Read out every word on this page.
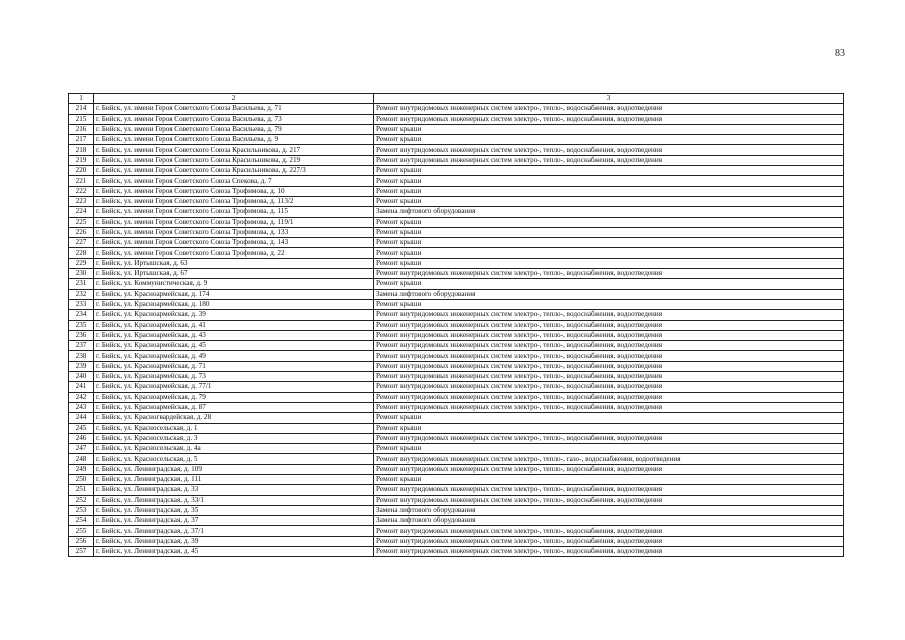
83
1	2	3
214	г. Бийск, ул. имени Героя Советского Союза Васильева, д. 71	Ремонт внутридомовых инженерных систем электро-, тепло-, водоснабжения, водоотведения
215	г. Бийск, ул. имени Героя Советского Союза Васильева, д. 73	Ремонт внутридомовых инженерных систем электро-, тепло-, водоснабжения, водоотведения
216	г. Бийск, ул. имени Героя Советского Союза Васильева, д. 79	Ремонт крыши
217	г. Бийск, ул. имени Героя Советского Союза Васильева, д. 9	Ремонт крыши
218	г. Бийск, ул. имени Героя Советского Союза Красильникова, д. 217	Ремонт внутридомовых инженерных систем электро-, тепло-, водоснабжения, водоотведения
219	г. Бийск, ул. имени Героя Советского Союза Красильникова, д. 219	Ремонт внутридомовых инженерных систем электро-, тепло-, водоснабжения, водоотведения
220	г. Бийск, ул. имени Героя Советского Союза Красильникова, д. 227/3	Ремонт крыши
221	г. Бийск, ул. имени Героя Советского Союза Спекова, д. 7	Ремонт крыши
222	г. Бийск, ул. имени Героя Советского Союза Трофимова, д. 10	Ремонт крыши
223	г. Бийск, ул. имени Героя Советского Союза Трофимова, д. 113/2	Ремонт крыши
224	г. Бийск, ул. имени Героя Советского Союза Трофимова, д. 115	Замена лифтового оборудования
225	г. Бийск, ул. имени Героя Советского Союза Трофимова, д. 119/1	Ремонт крыши
226	г. Бийск, ул. имени Героя Советского Союза Трофимова, д. 133	Ремонт крыши
227	г. Бийск, ул. имени Героя Советского Союза Трофимова, д. 143	Ремонт крыши
228	г. Бийск, ул. имени Героя Советского Союза Трофимова, д. 22	Ремонт крыши
229	г. Бийск, ул. Иртышская, д. 63	Ремонт крыши
230	г. Бийск, ул. Иртышская, д. 67	Ремонт внутридомовых инженерных систем электро-, тепло-, водоснабжения, водоотведения
231	г. Бийск, ул. Коммунистическая, д. 9	Ремонт крыши
232	г. Бийск, ул. Красноармейская, д. 174	Замена лифтового оборудования
233	г. Бийск, ул. Красноармейская, д. 180	Ремонт крыши
234	г. Бийск, ул. Красноармейская, д. 39	Ремонт внутридомовых инженерных систем электро-, тепло-, водоснабжения, водоотведения
235	г. Бийск, ул. Красноармейская, д. 41	Ремонт внутридомовых инженерных систем электро-, тепло-, водоснабжения, водоотведения
236	г. Бийск, ул. Красноармейская, д. 43	Ремонт внутридомовых инженерных систем электро-, тепло-, водоснабжения, водоотведения
237	г. Бийск, ул. Красноармейская, д. 45	Ремонт внутридомовых инженерных систем электро-, тепло-, водоснабжения, водоотведения
238	г. Бийск, ул. Красноармейская, д. 49	Ремонт внутридомовых инженерных систем электро-, тепло-, водоснабжения, водоотведения
239	г. Бийск, ул. Красноармейская, д. 71	Ремонт внутридомовых инженерных систем электро-, тепло-, водоснабжения, водоотведения
240	г. Бийск, ул. Красноармейская, д. 73	Ремонт внутридомовых инженерных систем электро-, тепло-, водоснабжения, водоотведения
241	г. Бийск, ул. Красноармейская, д. 77/1	Ремонт внутридомовых инженерных систем электро-, тепло-, водоснабжения, водоотведения
242	г. Бийск, ул. Красноармейская, д. 79	Ремонт внутридомовых инженерных систем электро-, тепло-, водоснабжения, водоотведения
243	г. Бийск, ул. Красноармейская, д. 87	Ремонт внутридомовых инженерных систем электро-, тепло-, водоснабжения, водоотведения
244	г. Бийск, ул. Красногвардейская, д. 28	Ремонт крыши
245	г. Бийск, ул. Красносельская, д. 1	Ремонт крыши
246	г. Бийск, ул. Красносельская, д. 3	Ремонт внутридомовых инженерных систем электро-, тепло-, водоснабжения, водоотведения
247	г. Бийск, ул. Красносельская, д. 4а	Ремонт крыши
248	г. Бийск, ул. Красносельская, д. 5	Ремонт внутридомовых инженерных систем электро-, тепло-, газо-, водоснабжения, водоотведения
249	г. Бийск, ул. Ленинградская, д. 109	Ремонт внутридомовых инженерных систем электро-, тепло-, водоснабжения, водоотведения
250	г. Бийск, ул. Ленинградская, д. 111	Ремонт крыши
251	г. Бийск, ул. Ленинградская, д. 33	Ремонт внутридомовых инженерных систем электро-, тепло-, водоснабжения, водоотведения
252	г. Бийск, ул. Ленинградская, д. 33/1	Ремонт внутридомовых инженерных систем электро-, тепло-, водоснабжения, водоотведения
253	г. Бийск, ул. Ленинградская, д. 35	Замена лифтового оборудования
254	г. Бийск, ул. Ленинградская, д. 37	Замена лифтового оборудования
255	г. Бийск, ул. Ленинградская, д. 37/1	Ремонт внутридомовых инженерных систем электро-, тепло-, водоснабжения, водоотведения
256	г. Бийск, ул. Ленинградская, д. 39	Ремонт внутридомовых инженерных систем электро-, тепло-, водоснабжения, водоотведения
257	г. Бийск, ул. Ленинградская, д. 45	Ремонт внутридомовых инженерных систем электро-, тепло-, водоснабжения, водоотведения
